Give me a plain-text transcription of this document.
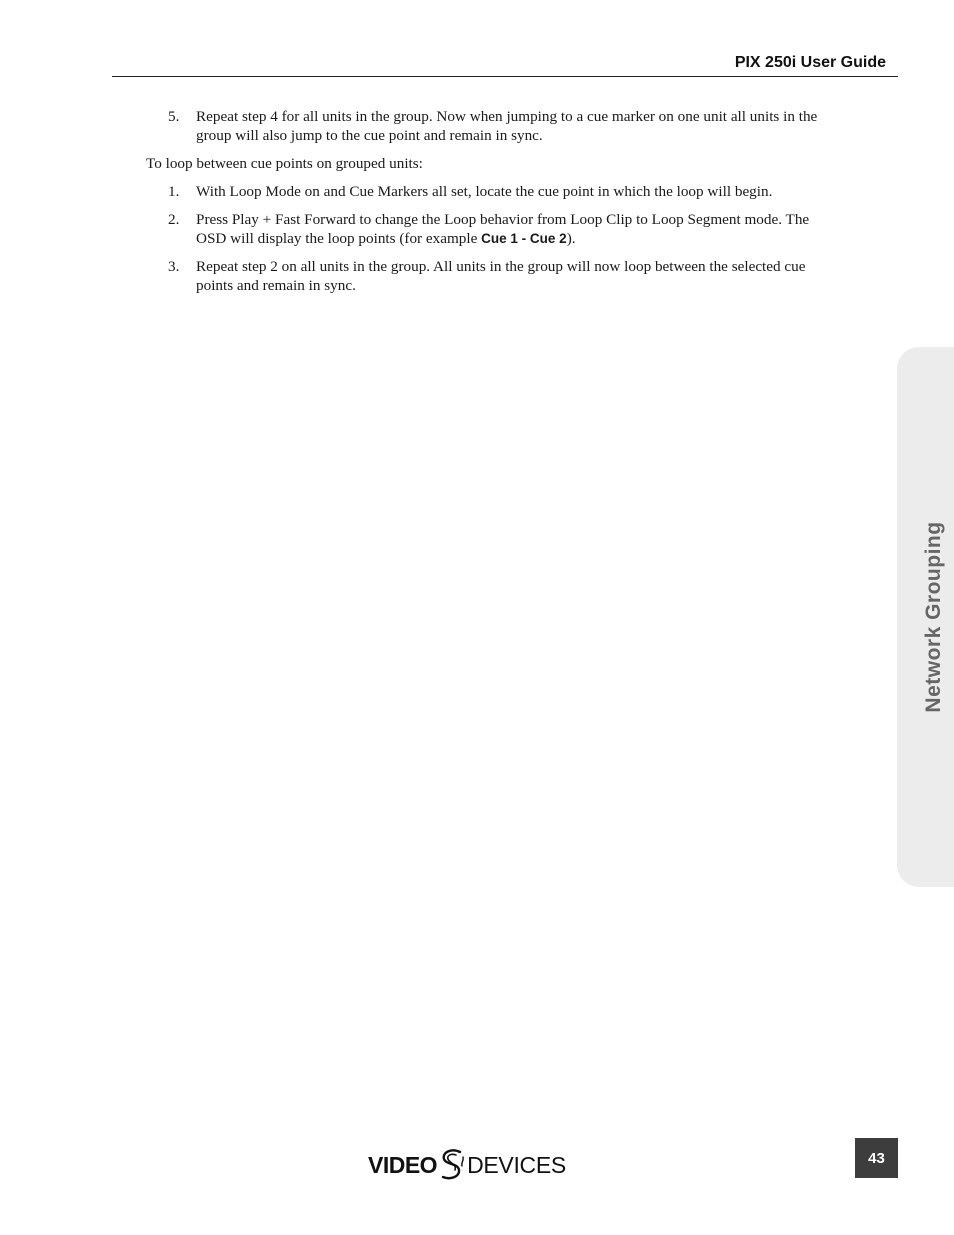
PIX 250i User Guide
5. Repeat step 4 for all units in the group. Now when jumping to a cue marker on one unit all units in the group will also jump to the cue point and remain in sync.

To loop between cue points on grouped units:

1. With Loop Mode on and Cue Markers all set, locate the cue point in which the loop will begin.
2. Press Play + Fast Forward to change the Loop behavior from Loop Clip to Loop Segment mode. The OSD will display the loop points (for example Cue 1 - Cue 2).
3. Repeat step 2 on all units in the group. All units in the group will now loop between the selected cue points and remain in sync.
Network Grouping
VIDEO DEVICES	43
